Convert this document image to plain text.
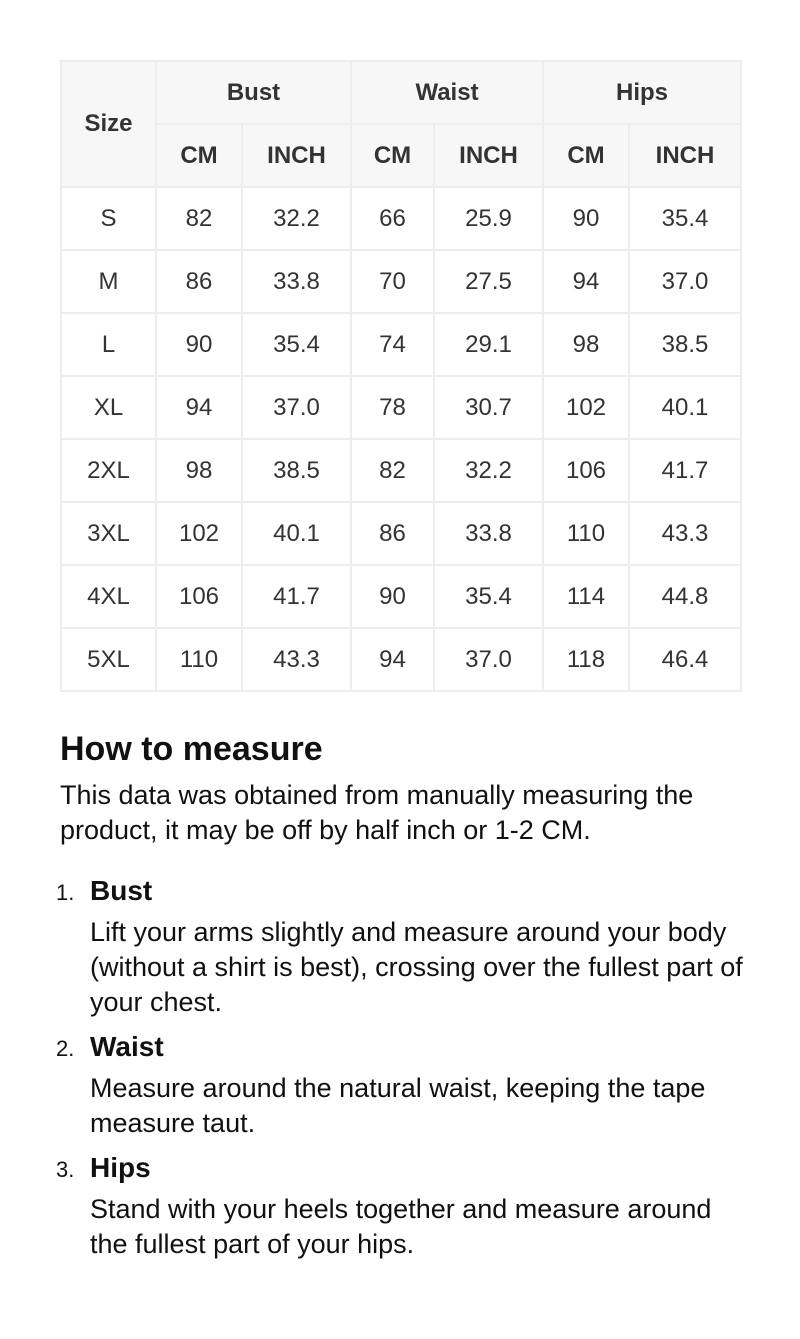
Size	Bust		Waist		Hips	
	CM	INCH	CM	INCH	CM	INCH
S	82	32.2	66	25.9	90	35.4
M	86	33.8	70	27.5	94	37.0
L	90	35.4	74	29.1	98	38.5
XL	94	37.0	78	30.7	102	40.1
2XL	98	38.5	82	32.2	106	41.7
3XL	102	40.1	86	33.8	110	43.3
4XL	106	41.7	90	35.4	114	44.8
5XL	110	43.3	94	37.0	118	46.4
How to measure

This data was obtained from manually measuring the product, it may be off by half inch or 1-2 CM.

1. Bust
Lift your arms slightly and measure around your body (without a shirt is best), crossing over the fullest part of your chest.
2. Waist
Measure around the natural waist, keeping the tape measure taut.
3. Hips
Stand with your heels together and measure around the fullest part of your hips.
